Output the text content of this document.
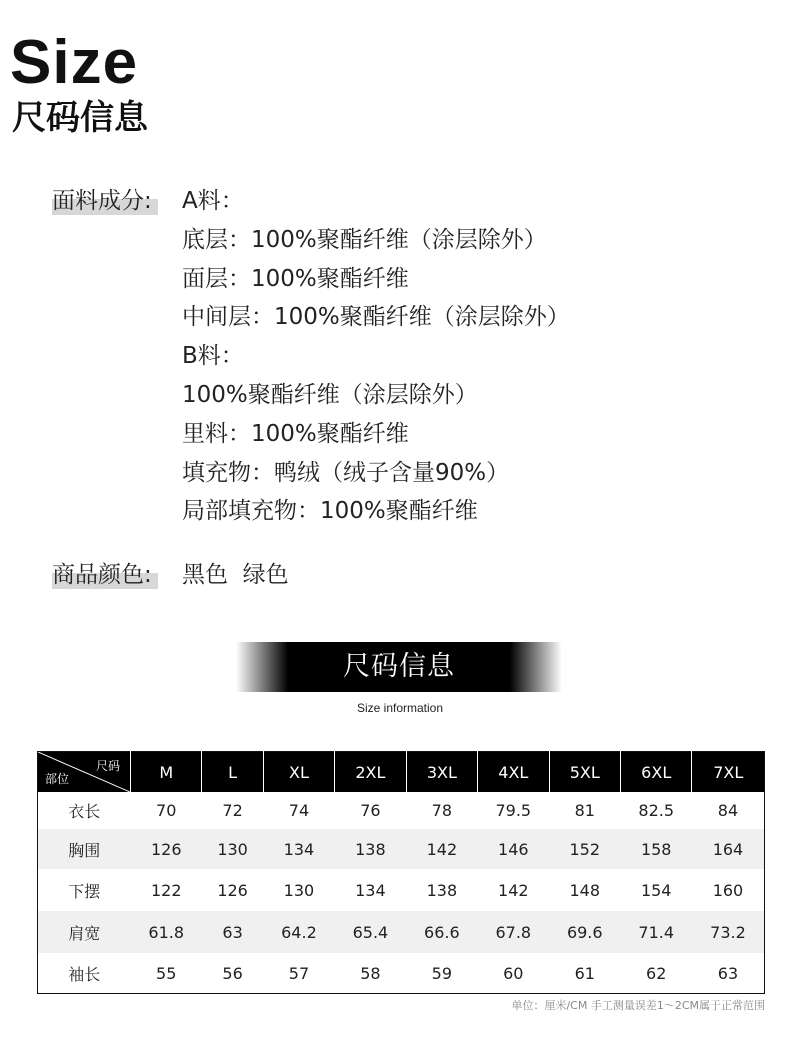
Size
尺码信息
面料成分:	A料：
底层：100%聚酯纤维（涂层除外）
面层：100%聚酯纤维
中间层：100%聚酯纤维（涂层除外）
B料：
100%聚酯纤维（涂层除外）
里料：100%聚酯纤维
填充物：鸭绒（绒子含量90%）
局部填充物：100%聚酯纤维
商品颜色:	黑色  绿色
尺码信息
Size information
尺码
部位	M	L	XL	2XL	3XL	4XL	5XL	6XL	7XL
衣长	70	72	74	76	78	79.5	81	82.5	84
胸围	126	130	134	138	142	146	152	158	164
下摆	122	126	130	134	138	142	148	154	160
肩宽	61.8	63	64.2	65.4	66.6	67.8	69.6	71.4	73.2
袖长	55	56	57	58	59	60	61	62	63
单位：厘米/CM 手工测量误差1～2CM属于正常范围
